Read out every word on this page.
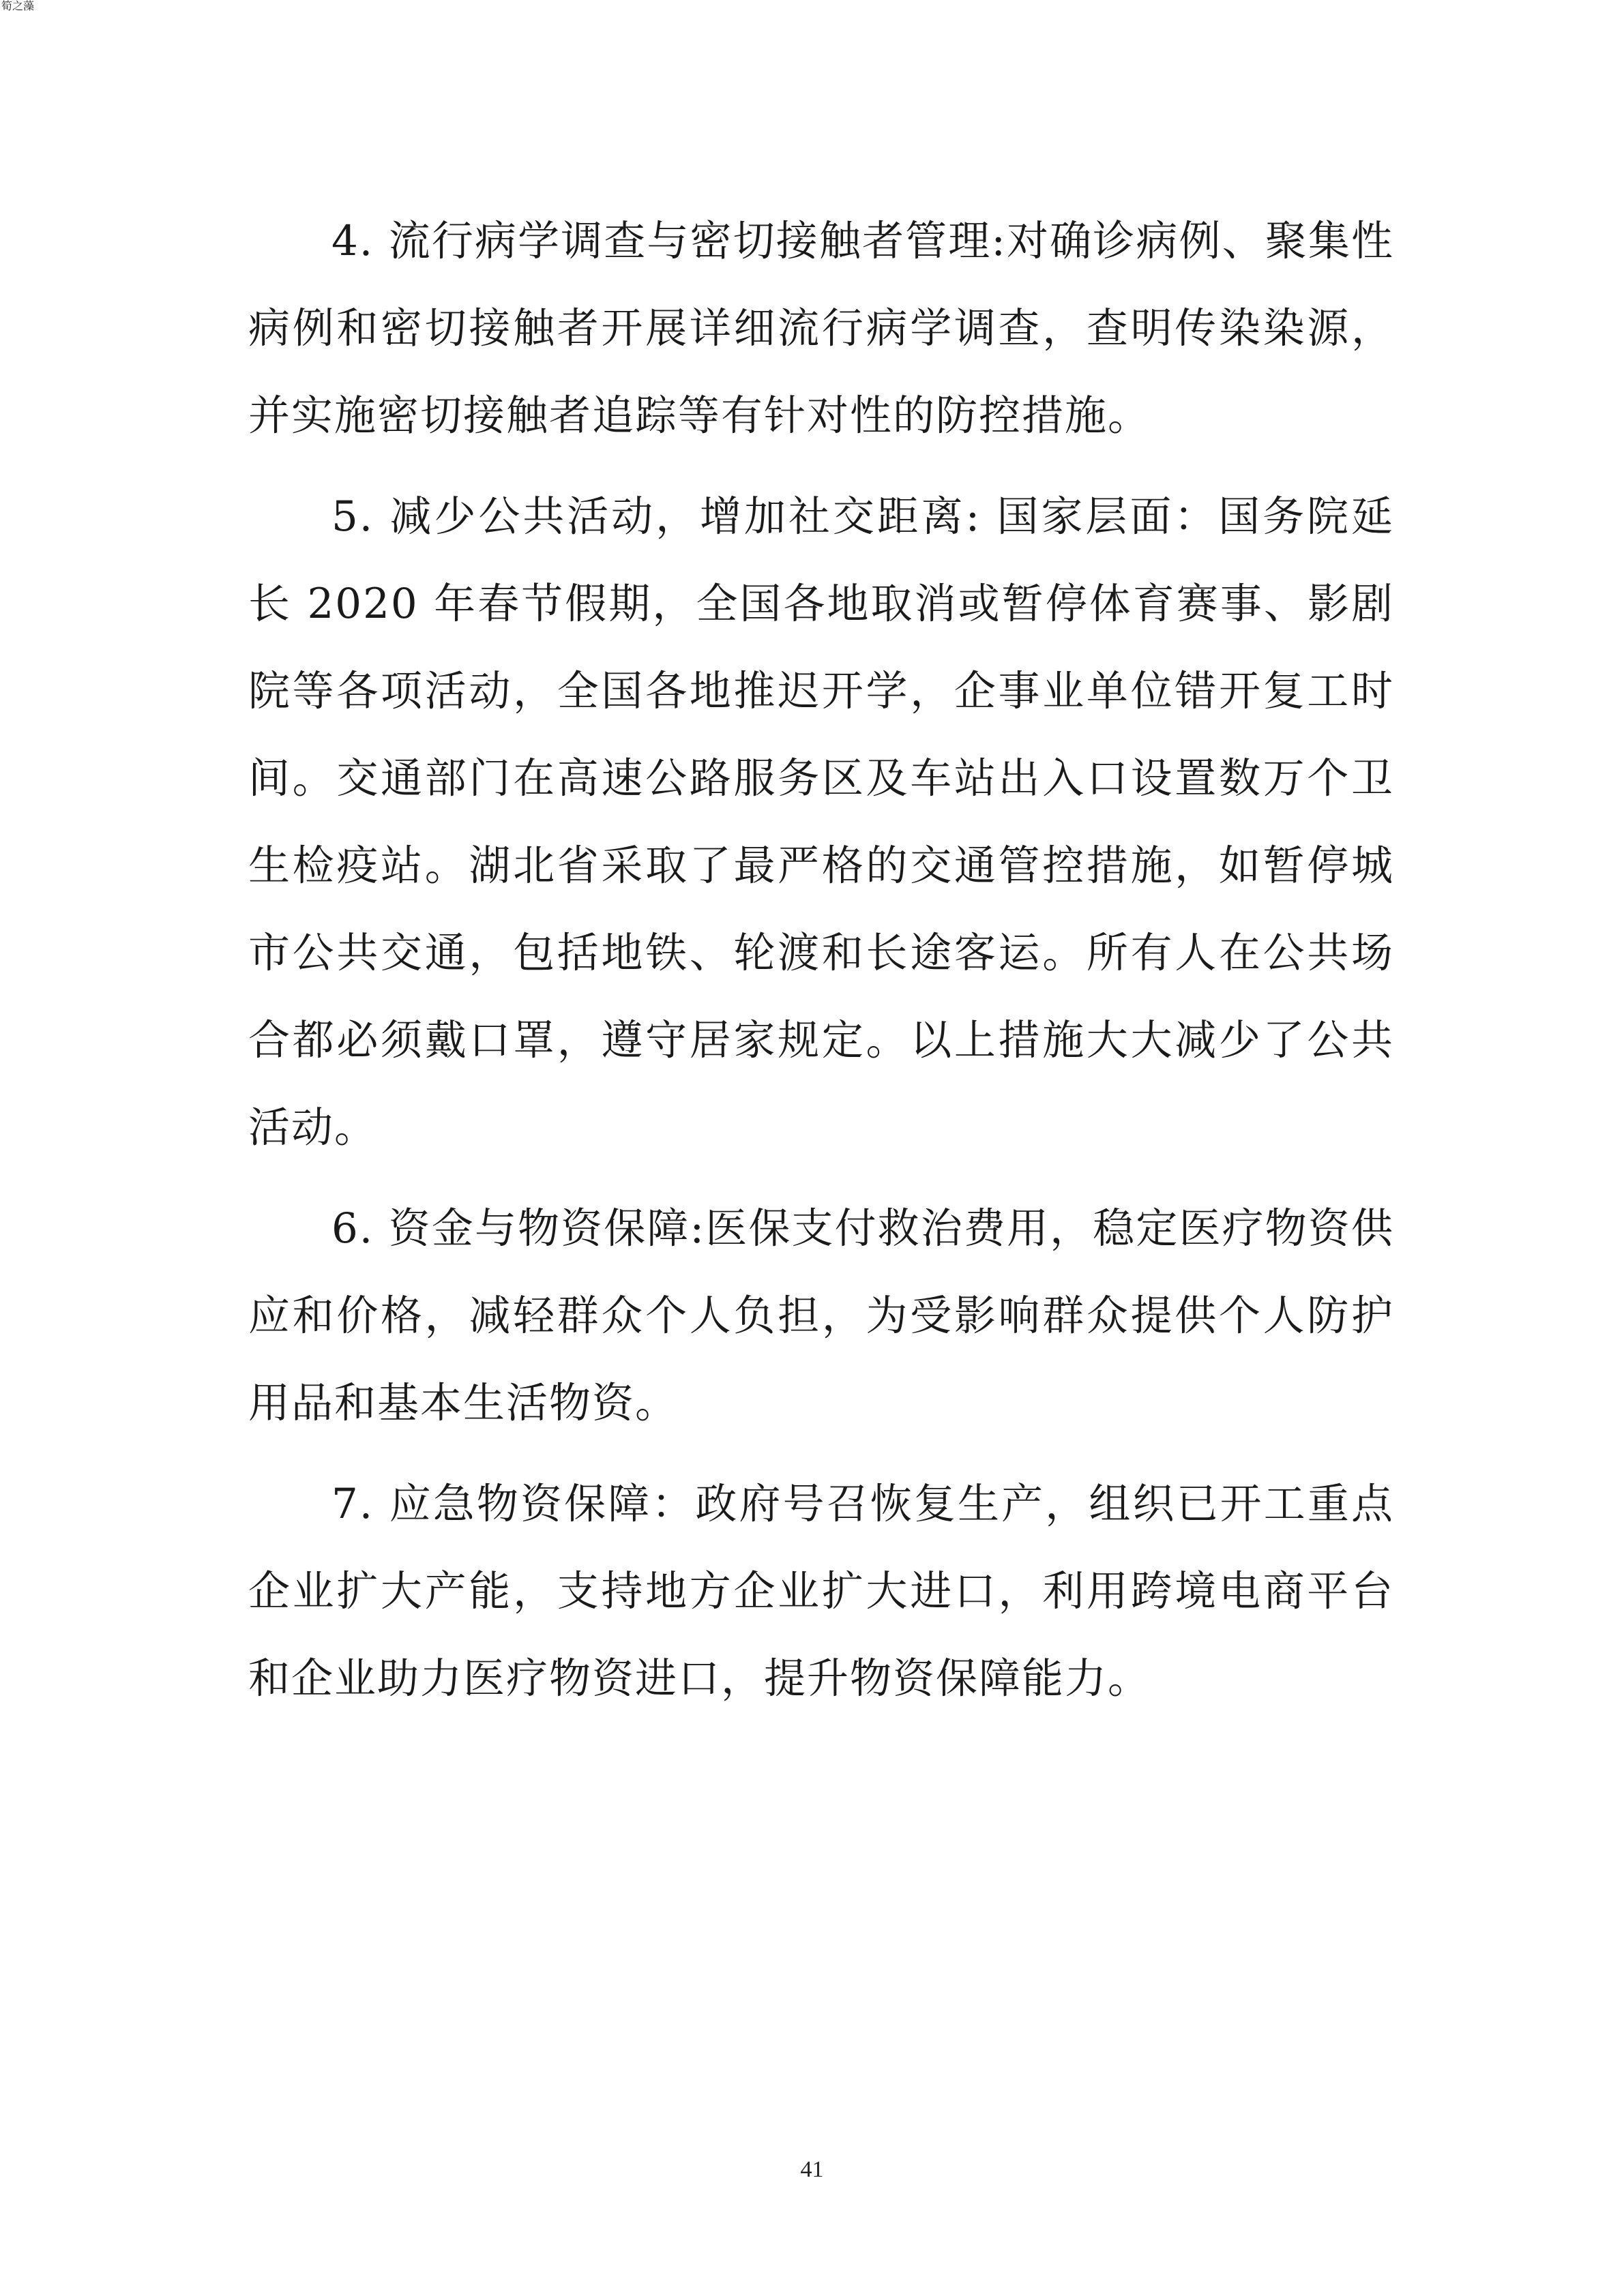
筍之藻

4. 流行病学调查与密切接触者管理:对确诊病例、聚集性病例和密切接触者开展详细流行病学调查，查明传染染源，并实施密切接触者追踪等有针对性的防控措施。

5. 减少公共活动，增加社交距离: 国家层面：国务院延长 2020 年春节假期，全国各地取消或暂停体育赛事、影剧院等各项活动，全国各地推迟开学，企事业单位错开复工时间。交通部门在高速公路服务区及车站出入口设置数万个卫生检疫站。湖北省采取了最严格的交通管控措施，如暂停城市公共交通，包括地铁、轮渡和长途客运。所有人在公共场合都必须戴口罩，遵守居家规定。以上措施大大减少了公共活动。

6. 资金与物资保障:医保支付救治费用，稳定医疗物资供应和价格，减轻群众个人负担，为受影响群众提供个人防护用品和基本生活物资。

7. 应急物资保障：政府号召恢复生产，组织已开工重点企业扩大产能，支持地方企业扩大进口，利用跨境电商平台和企业助力医疗物资进口，提升物资保障能力。

41
